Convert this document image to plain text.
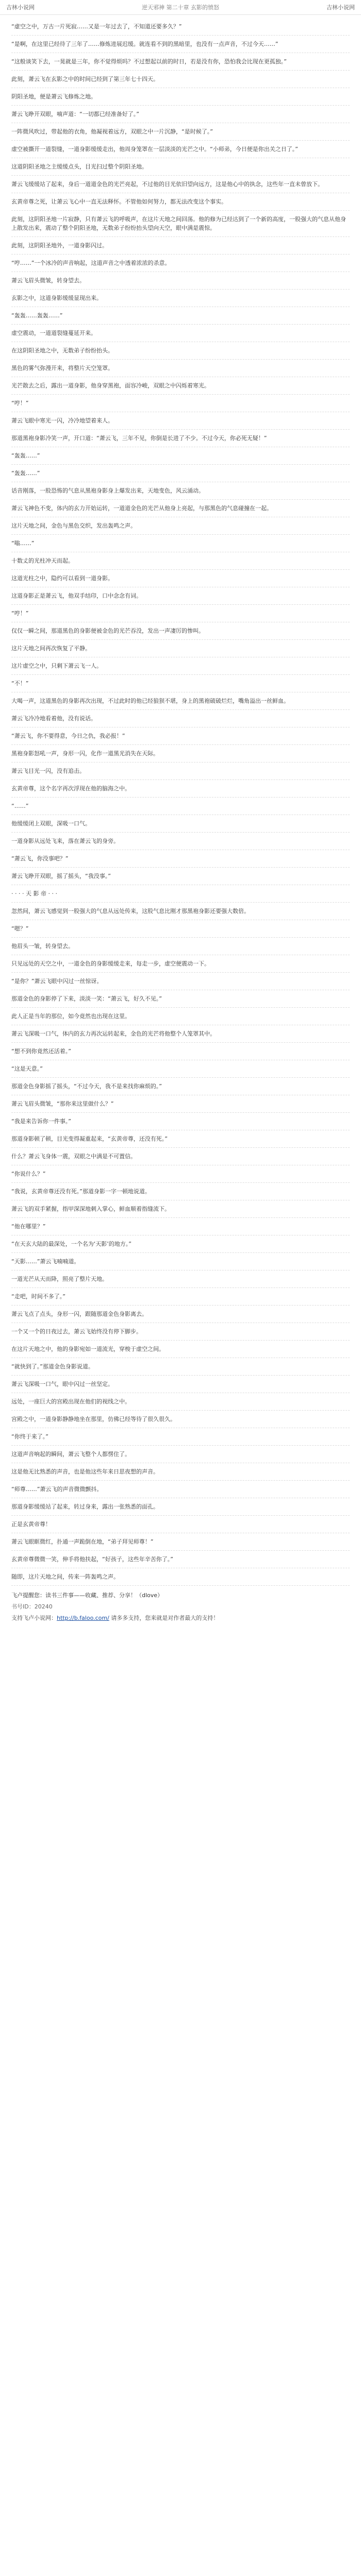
吉林小说网	逆天邪神 第二十章 玄影的愤怒	吉林小说网
“虚空之中，万古一片死寂……又是一年过去了，不知道还要多久？”
“是啊，在这里已经待了三年了……修炼进展迟缓。就连看不到的黑暗里，也没有一点声音，不过今天……”
“这般谈笑下去，一晃就是三年，你不觉得烦吗？不过想起以前的时日，若是没有你，恐怕我会比现在更孤独。”
此刻，萧云飞在玄影之中的时间已经到了第三年七十四天。
阴阳圣地，便是萧云飞修炼之地。
萧云飞睁开双眼，喃声道：“一切都已经准备好了。”
一阵微风吹过，带起他的衣角，他凝视着远方，双眼之中一片沉静，“是时候了。”
虚空被撕开一道裂缝，一道身影缓缓走出，他周身笼罩在一层淡淡的光芒之中。“小师弟，今日便是你出关之日了。”
这道阴阳圣地之主缓缓点头，目光扫过整个阴阳圣地。
萧云飞缓缓站了起来，身后一道道金色的光芒亮起，不过他的目光依旧望向远方，这是他心中的执念，这些年一直未曾放下。
玄黄帝尊之死，让萧云飞心中一直无法释怀。不管他如何努力，都无法改变这个事实。
此刻，这阴阳圣地一片寂静，只有萧云飞的呼吸声，在这片天地之间回荡。他的修为已经达到了一个新的高度，一股强大的气息从他身上散发出来，震动了整个阴阳圣地，无数弟子纷纷抬头望向天空，眼中满是震惊。
此刻，这阴阳圣地外，一道身影闪过。
“哼……”一个冰冷的声音响起，这道声音之中透着浓浓的杀意。
萧云飞眉头微皱，转身望去。
玄影之中，这道身影缓缓显现出来。
“轰轰……轰轰……”
虚空震动，一道道裂缝蔓延开来。
在这阴阳圣地之中，无数弟子纷纷抬头。
黑色的雾气弥漫开来，将整片天空笼罩。
光芒散去之后，露出一道身影，他身穿黑袍，面容冷峻，双眼之中闪烁着寒光。
“哼！”
萧云飞眼中寒光一闪，冷冷地望着来人。
那道黑袍身影冷笑一声，开口道：“萧云飞，三年不见，你倒是长进了不少。不过今天，你必死无疑！”
“轰轰……”
“轰轰……”
话音刚落，一股恐怖的气息从黑袍身影身上爆发出来，天地变色，风云涌动。
萧云飞神色不变，体内的玄力开始运转，一道道金色的光芒从他身上亮起，与那黑色的气息碰撞在一起。
这片天地之间，金色与黑色交织，发出轰鸣之声。
“嗡……”
十数丈的光柱冲天而起。
这道光柱之中，隐约可以看到一道身影。
这道身影正是萧云飞，他双手结印，口中念念有词。
“哼！”
仅仅一瞬之间，那道黑色的身影便被金色的光芒吞没，发出一声凄厉的惨叫。
这片天地之间再次恢复了平静。
这片虚空之中，只剩下萧云飞一人。
“不！”
大喝一声，这道黑色的身影再次出现，不过此时的他已经狼狈不堪，身上的黑袍破破烂烂，嘴角溢出一丝鲜血。
萧云飞冷冷地看着他，没有说话。
“萧云飞，你不要得意，今日之仇，我必报！”
黑袍身影怒吼一声，身形一闪，化作一道黑光消失在天际。
萧云飞目光一闪，没有追击。
玄黄帝尊，这个名字再次浮现在他的脑海之中。
“……”
他缓缓闭上双眼，深吸一口气。
一道身影从远处飞来，落在萧云飞的身旁。
“萧云飞，你没事吧？”
萧云飞睁开双眼，摇了摇头，“我没事。”
· · · · 天 影 帝 · · ·
忽然间，萧云飞感觉到一股强大的气息从远处传来，这股气息比刚才那黑袍身影还要强大数倍。
“嗯？”
他眉头一皱，转身望去。
只见远处的天空之中，一道金色的身影缓缓走来，每走一步，虚空便震动一下。
“是你？”萧云飞眼中闪过一丝惊讶。
那道金色的身影停了下来，淡淡一笑：“萧云飞，好久不见。”
此人正是当年的那位，如今竟然也出现在这里。
萧云飞深吸一口气，体内的玄力再次运转起来，金色的光芒将他整个人笼罩其中。
“想不到你竟然还活着。”
“这是天意。”
那道金色身影摇了摇头，“不过今天，我不是来找你麻烦的。”
萧云飞眉头微皱，“那你来这里做什么？”
“我是来告诉你一件事。”
那道身影顿了顿，目光变得凝重起来，“玄黄帝尊，还没有死。”
什么？萧云飞身体一震，双眼之中满是不可置信。
“你说什么？”
“我说，玄黄帝尊还没有死。”那道身影一字一顿地说道。
萧云飞的双手紧握，指甲深深地刺入掌心，鲜血顺着指缝流下。
“他在哪里？”
“在天玄大陆的最深处，一个名为‘天影’的地方。”
“天影……”萧云飞喃喃道。
一道光芒从天而降，照亮了整片天地。
“走吧，时间不多了。”
萧云飞点了点头，身形一闪，跟随那道金色身影离去。
一个又一个的日夜过去，萧云飞始终没有停下脚步。
在这片天地之中，他的身影宛如一道流光，穿梭于虚空之间。
“就快到了。”那道金色身影说道。
萧云飞深吸一口气，眼中闪过一丝坚定。
远处，一座巨大的宫殿出现在他们的视线之中。
宫殿之中，一道身影静静地坐在那里，仿佛已经等待了很久很久。
“你终于来了。”
这道声音响起的瞬间，萧云飞整个人都愣住了。
这是他无比熟悉的声音，也是他这些年来日思夜想的声音。
“师尊……”萧云飞的声音微微颤抖。
那道身影缓缓站了起来，转过身来，露出一张熟悉的面孔。
正是玄黄帝尊！
萧云飞眼眶微红，扑通一声跪倒在地，“弟子拜见师尊！”
玄黄帝尊微微一笑，伸手将他扶起，“好孩子，这些年辛苦你了。”
随即，这片天地之间，传来一阵轰鸣之声。
飞卢提醒您：读书三件事——收藏、推荐、分享！（dlove）
书号ID：20240
支持飞卢小说网：http://b.faloo.com/ 请多多支持，您来就是对作者最大的支持！
